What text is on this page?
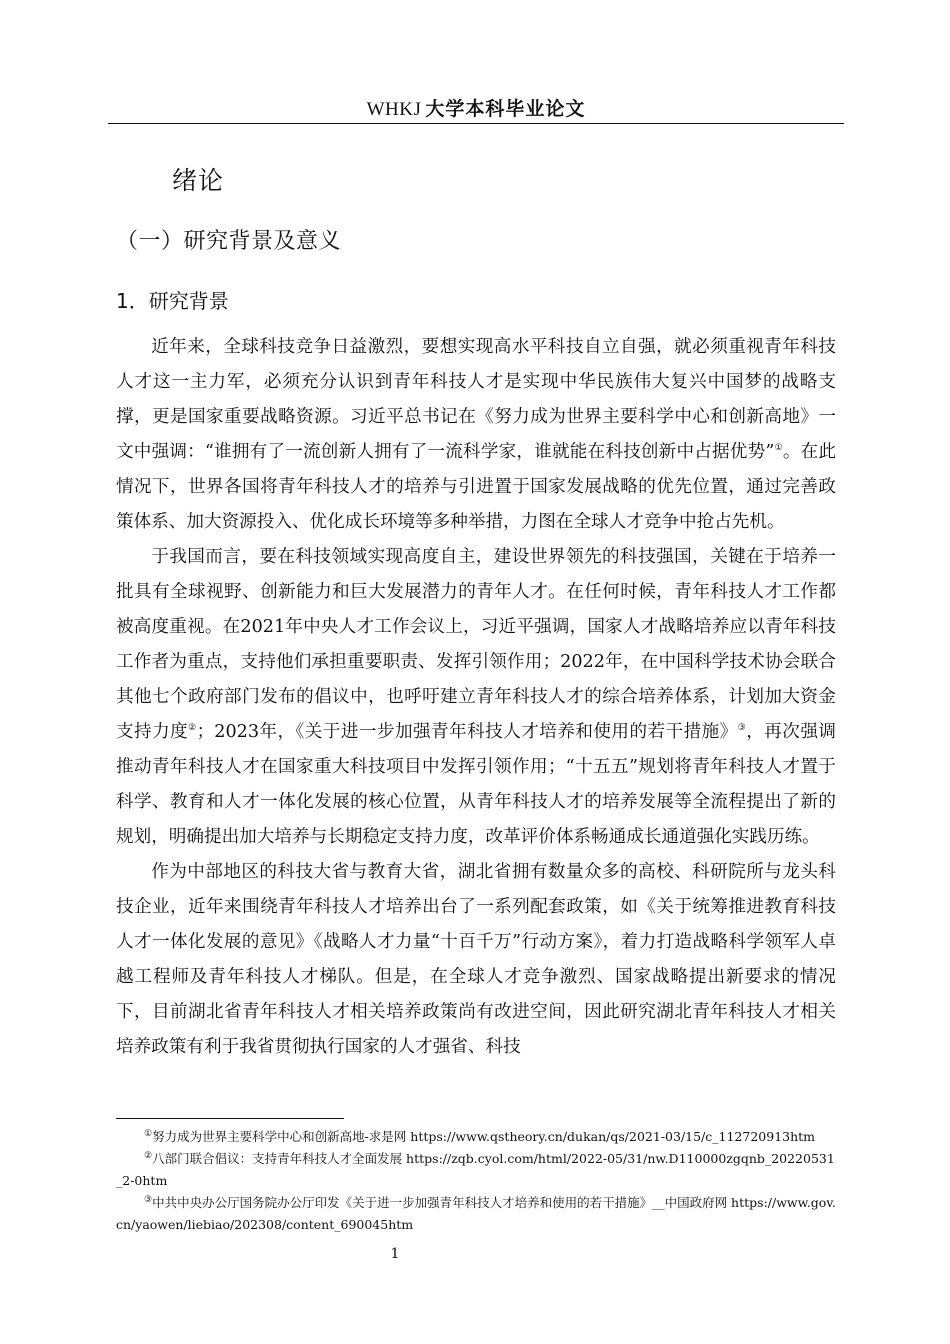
WHKJ 大学本科毕业论文
绪论
（一）研究背景及意义
1．研究背景

近年来，全球科技竞争日益激烈，要想实现高水平科技自立自强，就必须重视青年科技人才这一主力军，必须充分认识到青年科技人才是实现中华民族伟大复兴中国梦的战略支撑，更是国家重要战略资源。习近平总书记在《努力成为世界主要科学中心和创新高地》一文中强调：“谁拥有了一流创新人拥有了一流科学家，谁就能在科技创新中占据优势”①。在此情况下，世界各国将青年科技人才的培养与引进置于国家发展战略的优先位置，通过完善政策体系、加大资源投入、优化成长环境等多种举措，力图在全球人才竞争中抢占先机。

于我国而言，要在科技领域实现高度自主，建设世界领先的科技强国，关键在于培养一批具有全球视野、创新能力和巨大发展潜力的青年人才。在任何时候，青年科技人才工作都被高度重视。在2021年中央人才工作会议上，习近平强调，国家人才战略培养应以青年科技工作者为重点，支持他们承担重要职责、发挥引领作用；2022年，在中国科学技术协会联合其他七个政府部门发布的倡议中，也呼吁建立青年科技人才的综合培养体系，计划加大资金支持力度②；2023年，《关于进一步加强青年科技人才培养和使用的若干措施》③，再次强调推动青年科技人才在国家重大科技项目中发挥引领作用；“十五五”规划将青年科技人才置于科学、教育和人才一体化发展的核心位置，从青年科技人才的培养发展等全流程提出了新的规划，明确提出加大培养与长期稳定支持力度，改革评价体系畅通成长通道强化实践历练。

作为中部地区的科技大省与教育大省，湖北省拥有数量众多的高校、科研院所与龙头科技企业，近年来围绕青年科技人才培养出台了一系列配套政策，如《关于统筹推进教育科技人才一体化发展的意见》《战略人才力量“十百千万”行动方案》，着力打造战略科学领军人卓越工程师及青年科技人才梯队。但是，在全球人才竞争激烈、国家战略提出新要求的情况下，目前湖北省青年科技人才相关培养政策尚有改进空间，因此研究湖北青年科技人才相关培养政策有利于我省贯彻执行国家的人才强省、科技

①努力成为世界主要科学中心和创新高地-求是网 https://www.qstheory.cn/dukan/qs/2021-03/15/c_112720913htm

②八部门联合倡议：支持青年科技人才全面发展 https://zqb.cyol.com/html/2022-05/31/nw.D110000zgqnb_20220531_2-0htm

③中共中央办公厅国务院办公厅印发《关于进一步加强青年科技人才培养和使用的若干措施》__中国政府网 https://www.gov.cn/yaowen/liebiao/202308/content_690045htm

1
